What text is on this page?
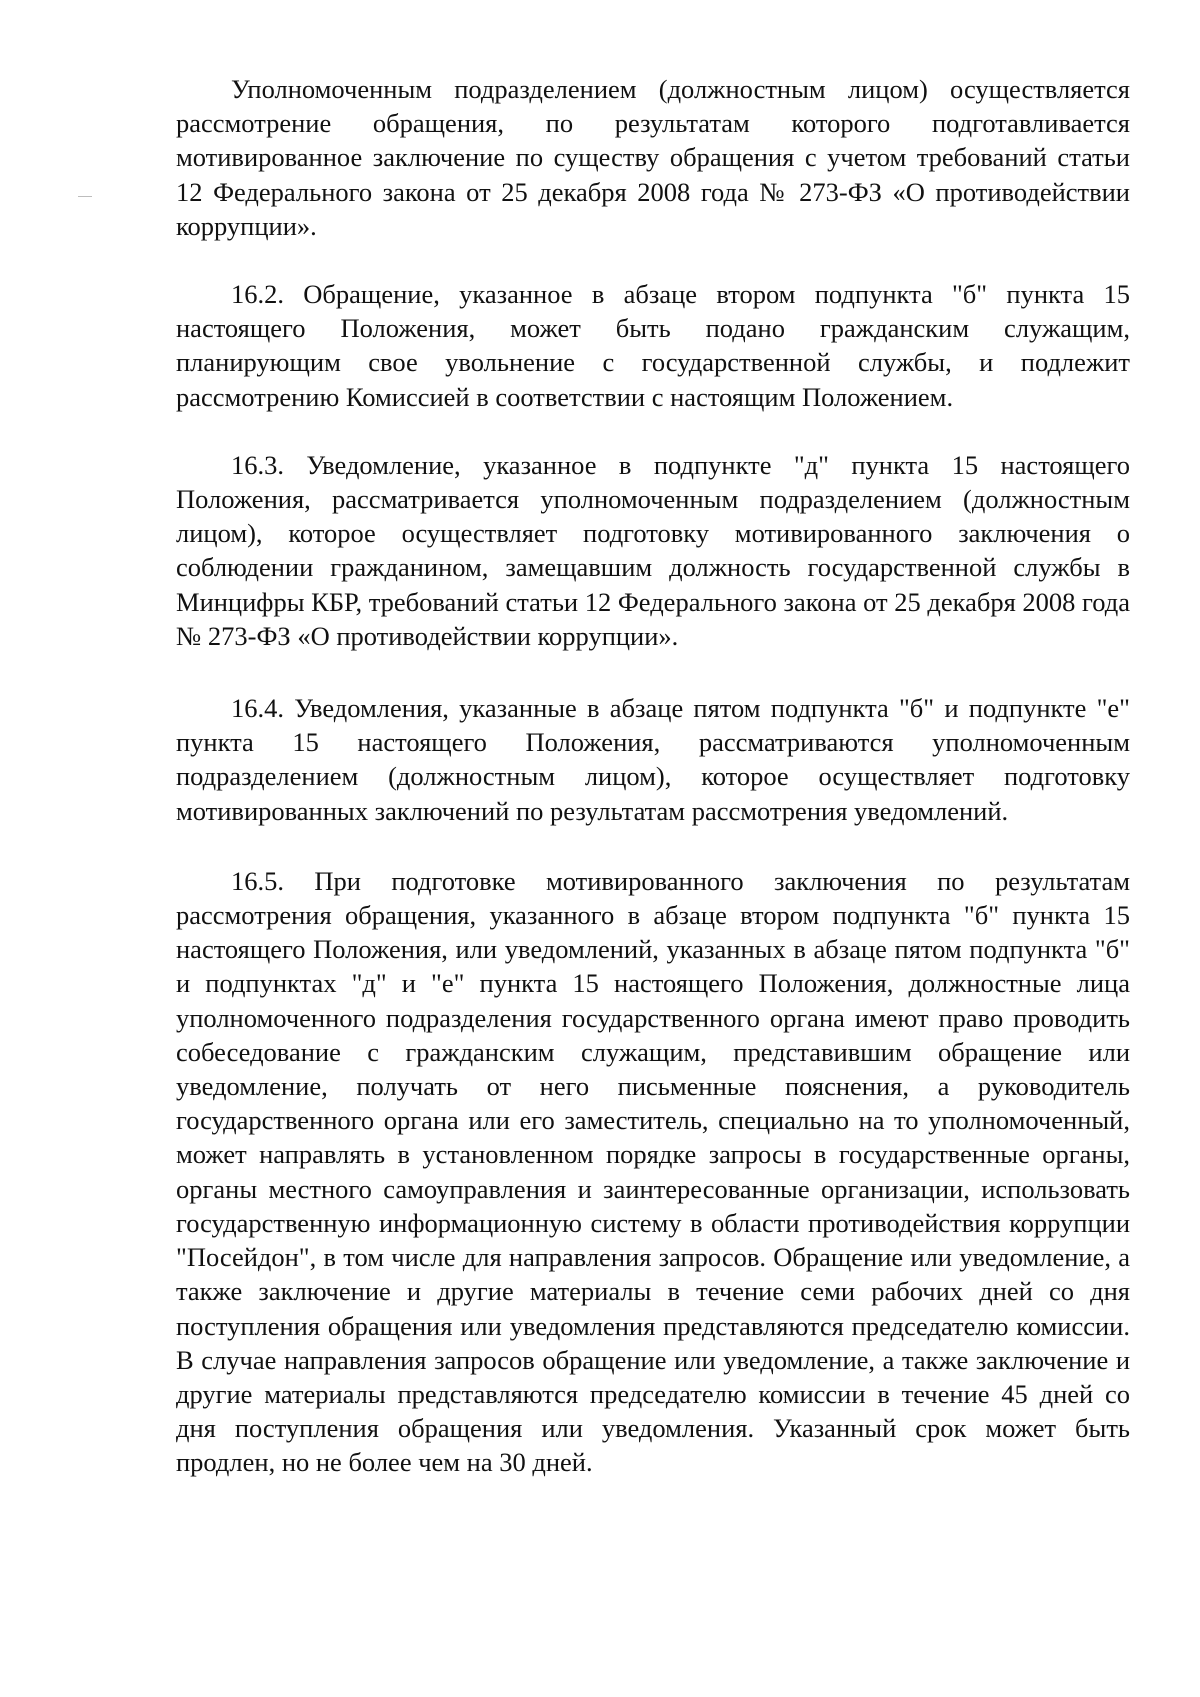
Уполномоченным подразделением (должностным лицом) осуществляется рассмотрение обращения, по результатам которого подготавливается мотивированное заключение по существу обращения с учетом требований статьи 12 Федерального закона от 25 декабря 2008 года № 273-ФЗ «О противодействии коррупции».

16.2. Обращение, указанное в абзаце втором подпункта "б" пункта 15 настоящего Положения, может быть подано гражданским служащим, планирующим свое увольнение с государственной службы, и подлежит рассмотрению Комиссией в соответствии с настоящим Положением.

16.3. Уведомление, указанное в подпункте "д" пункта 15 настоящего Положения, рассматривается уполномоченным подразделением (должностным лицом), которое осуществляет подготовку мотивированного заключения о соблюдении гражданином, замещавшим должность государственной службы в Минцифры КБР, требований статьи 12 Федерального закона от 25 декабря 2008 года № 273-ФЗ «О противодействии коррупции».

16.4. Уведомления, указанные в абзаце пятом подпункта "б" и подпункте "е" пункта 15 настоящего Положения, рассматриваются уполномоченным подразделением (должностным лицом), которое осуществляет подготовку мотивированных заключений по результатам рассмотрения уведомлений.

16.5. При подготовке мотивированного заключения по результатам рассмотрения обращения, указанного в абзаце втором подпункта "б" пункта 15 настоящего Положения, или уведомлений, указанных в абзаце пятом подпункта "б" и подпунктах "д" и "е" пункта 15 настоящего Положения, должностные лица уполномоченного подразделения государственного органа имеют право проводить собеседование с гражданским служащим, представившим обращение или уведомление, получать от него письменные пояснения, а руководитель государственного органа или его заместитель, специально на то уполномоченный, может направлять в установленном порядке запросы в государственные органы, органы местного самоуправления и заинтересованные организации, использовать государственную информационную систему в области противодействия коррупции "Посейдон", в том числе для направления запросов. Обращение или уведомление, а также заключение и другие материалы в течение семи рабочих дней со дня поступления обращения или уведомления представляются председателю комиссии. В случае направления запросов обращение или уведомление, а также заключение и другие материалы представляются председателю комиссии в течение 45 дней со дня поступления обращения или уведомления. Указанный срок может быть продлен, но не более чем на 30 дней.
